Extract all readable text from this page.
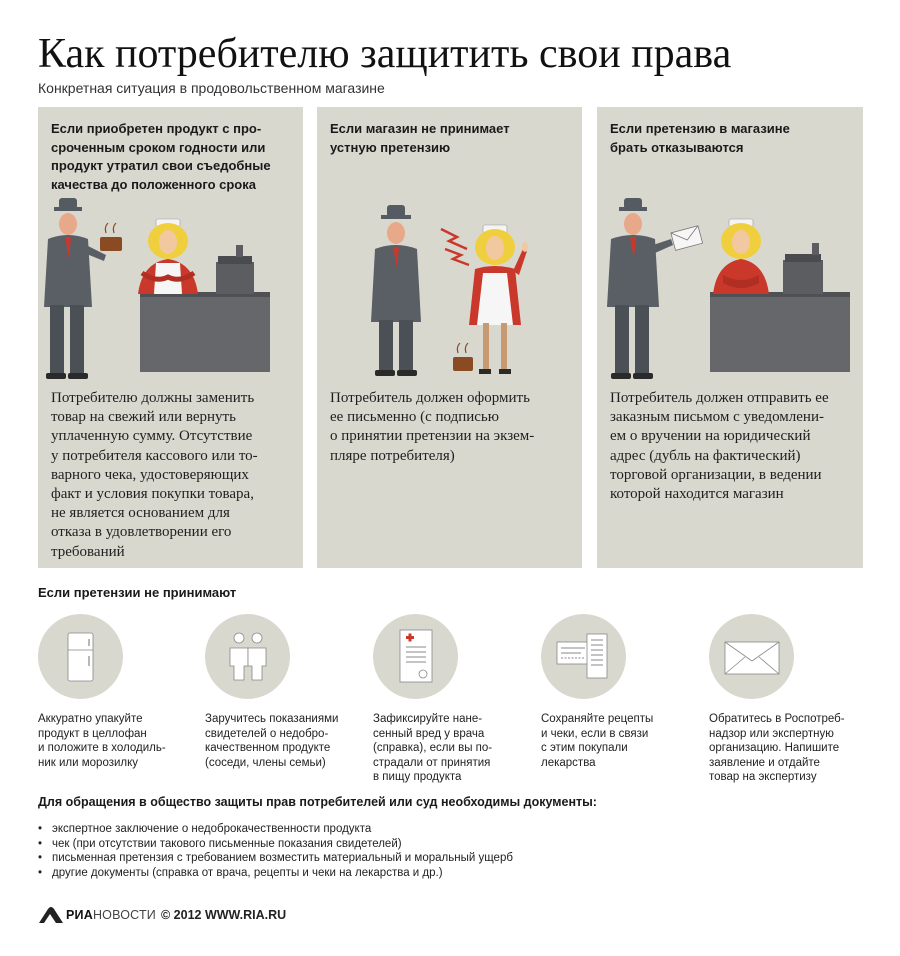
Как потребителю защитить свои права
Конкретная ситуация в продовольственном магазине
Если приобретен продукт с про-
сроченным сроком годности или
продукт утратил свои съедобные
качества до положенного срока
Потребителю должны заменить
товар на свежий или вернуть
уплаченную сумму. Отсутствие
у потребителя кассового или то-
варного чека, удостоверяющих
факт и условия покупки товара,
не является основанием для
отказа в удовлетворении его
требований
Если магазин не принимает
устную претензию
Потребитель должен оформить
ее письменно (с подписью
о принятии претензии на экзем-
пляре потребителя)
Если претензию в магазине
брать отказываются
Потребитель должен отправить ее
заказным письмом с уведомлени-
ем о вручении на юридический
адрес (дубль на фактический)
торговой организации, в ведении
которой находится магазин
Если претензии не принимают
Аккуратно упакуйте
продукт в целлофан
и положите в холодиль-
ник или морозилку
Заручитесь показаниями
свидетелей о недобро-
качественном продукте
(соседи, члены семьи)
Зафиксируйте нане-
сенный вред у врача
(справка), если вы по-
страдали от принятия
в пищу продукта
Сохраняйте рецепты
и чеки, если в связи
с этим покупали
лекарства
Обратитесь в Роспотреб-
надзор или экспертную
организацию. Напишите
заявление и отдайте
товар на экспертизу
Для обращения в общество защиты прав потребителей или суд необходимы документы:
• экспертное заключение о недоброкачественности продукта
• чек (при отсутствии такового письменные показания свидетелей)
• письменная претензия с требованием возместить материальный и моральный ущерб
• другие документы (справка от врача, рецепты и чеки на лекарства и др.)
РИАНОВОСТИ © 2012 WWW.RIA.RU
